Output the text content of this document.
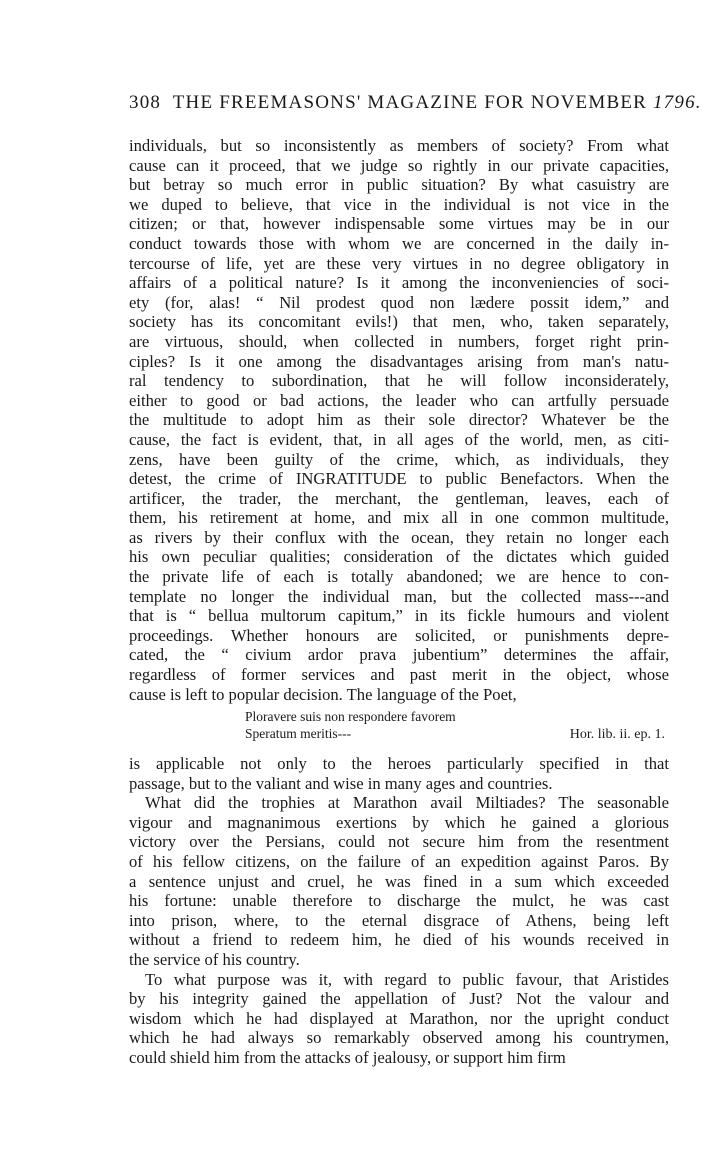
308 THE FREEMASONS' MAGAZINE FOR NOVEMBER 1796.
individuals, but so inconsistently as members of society? From what
cause can it proceed, that we judge so rightly in our private capacities,
but betray so much error in public situation? By what casuistry are
we duped to believe, that vice in the individual is not vice in the
citizen; or that, however indispensable some virtues may be in our
conduct towards those with whom we are concerned in the daily in-
tercourse of life, yet are these very virtues in no degree obligatory in
affairs of a political nature? Is it among the inconveniencies of soci-
ety (for, alas! “ Nil prodest quod non lædere possit idem,” and
society has its concomitant evils!) that men, who, taken separately,
are virtuous, should, when collected in numbers, forget right prin-
ciples? Is it one among the disadvantages arising from man's natu-
ral tendency to subordination, that he will follow inconsiderately,
either to good or bad actions, the leader who can artfully persuade
the multitude to adopt him as their sole director? Whatever be the
cause, the fact is evident, that, in all ages of the world, men, as citi-
zens, have been guilty of the crime, which, as individuals, they
detest, the crime of INGRATITUDE to public Benefactors. When the
artificer, the trader, the merchant, the gentleman, leaves, each of
them, his retirement at home, and mix all in one common multitude,
as rivers by their conflux with the ocean, they retain no longer each
his own peculiar qualities; consideration of the dictates which guided
the private life of each is totally abandoned; we are hence to con-
template no longer the individual man, but the collected mass---and
that is “ bellua multorum capitum,” in its fickle humours and violent
proceedings. Whether honours are solicited, or punishments depre-
cated, the “ civium ardor prava jubentium” determines the affair,
regardless of former services and past merit in the object, whose
cause is left to popular decision. The language of the Poet,
Ploravere suis non respondere favorem
Speratum meritis---	Hor. lib. ii. ep. 1.
is applicable not only to the heroes particularly specified in that
passage, but to the valiant and wise in many ages and countries.
What did the trophies at Marathon avail Miltiades? The seasonable
vigour and magnanimous exertions by which he gained a glorious
victory over the Persians, could not secure him from the resentment
of his fellow citizens, on the failure of an expedition against Paros. By
a sentence unjust and cruel, he was fined in a sum which exceeded
his fortune: unable therefore to discharge the mulct, he was cast
into prison, where, to the eternal disgrace of Athens, being left
without a friend to redeem him, he died of his wounds received in
the service of his country.
To what purpose was it, with regard to public favour, that Aristides
by his integrity gained the appellation of Just? Not the valour and
wisdom which he had displayed at Marathon, nor the upright conduct
which he had always so remarkably observed among his countrymen,
could shield him from the attacks of jealousy, or support him firm
